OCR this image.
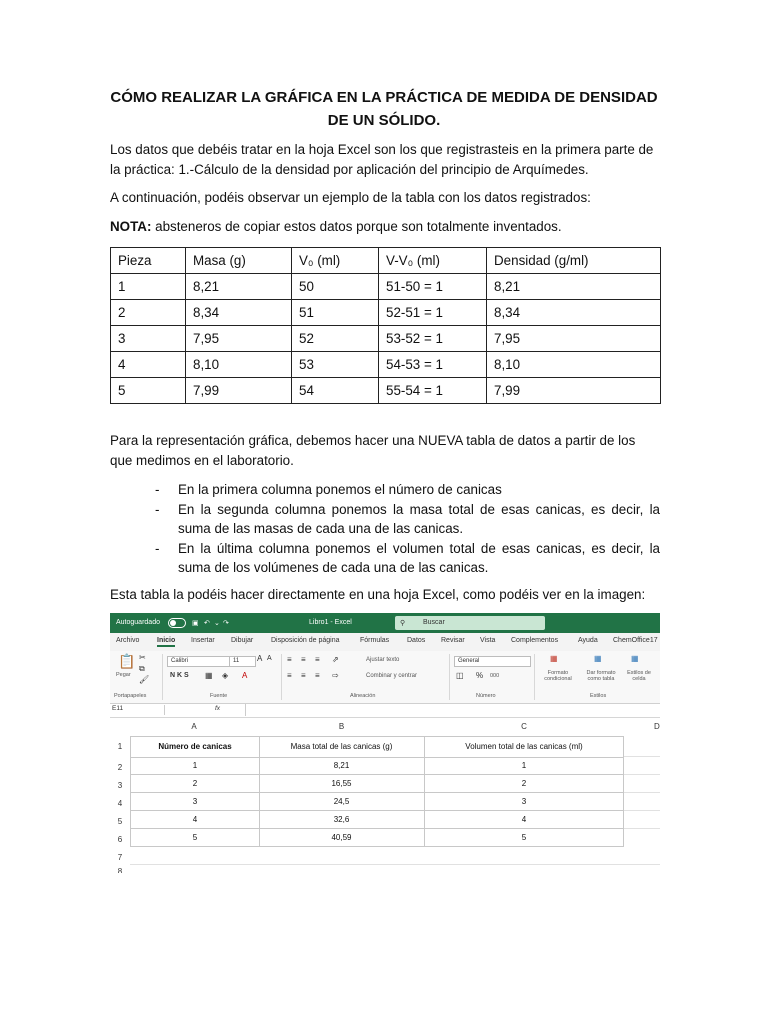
CÓMO REALIZAR LA GRÁFICA EN LA PRÁCTICA DE MEDIDA DE DENSIDAD DE UN SÓLIDO.
Los datos que debéis tratar en la hoja Excel son los que registrasteis en la primera parte de la práctica: 1.-Cálculo de la densidad por aplicación del principio de Arquímedes.
A continuación, podéis observar un ejemplo de la tabla con los datos registrados:
NOTA: absteneros de copiar estos datos porque son totalmente inventados.
Pieza	Masa (g)	V₀ (ml)	V-V₀ (ml)	Densidad (g/ml)
1	8,21	50	51-50 = 1	8,21
2	8,34	51	52-51 = 1	8,34
3	7,95	52	53-52 = 1	7,95
4	8,10	53	54-53 = 1	8,10
5	7,99	54	55-54 = 1	7,99
Para la representación gráfica, debemos hacer una NUEVA tabla de datos a partir de los que medimos en el laboratorio.
- En la primera columna ponemos el número de canicas
- En la segunda columna ponemos la masa total de esas canicas, es decir, la suma de las masas de cada una de las canicas.
- En la última columna ponemos el volumen total de esas canicas, es decir, la suma de los volúmenes de cada una de las canicas.
Esta tabla la podéis hacer directamente en una hoja Excel, como podéis ver en la imagen:
Autoguardado	▣ ↶ ⌄ ↷	Libro1 - Excel	⚲	Buscar
Archivo	Inicio Insertar Dibujar	Disposición de página	Fórmulas	Datos Revisar Vista Complementos	Ayuda ChemOffice17
📋
Pegar
✂
⧉
🖌
Portapapeles
Calibri	11	A A
N K S ▦ ◈ A
Fuente
≡ ≡ ≡ ⇗
≡ ≡ ≡ ⇨
Ajustar texto
Combinar y centrar
Alineación
General
◫ % 000
Número
▦
Formato condicional
▦
Dar formato como tabla
▦
Estilos de celda
Estilos
E11	fx
A	B	C	D
1
2
3
4
5
6
7
8
Número de canicas	Masa total de las canicas (g)	Volumen total de las canicas (ml)
1	8,21	1
2	16,55	2
3	24,5	3
4	32,6	4
5	40,59	5
